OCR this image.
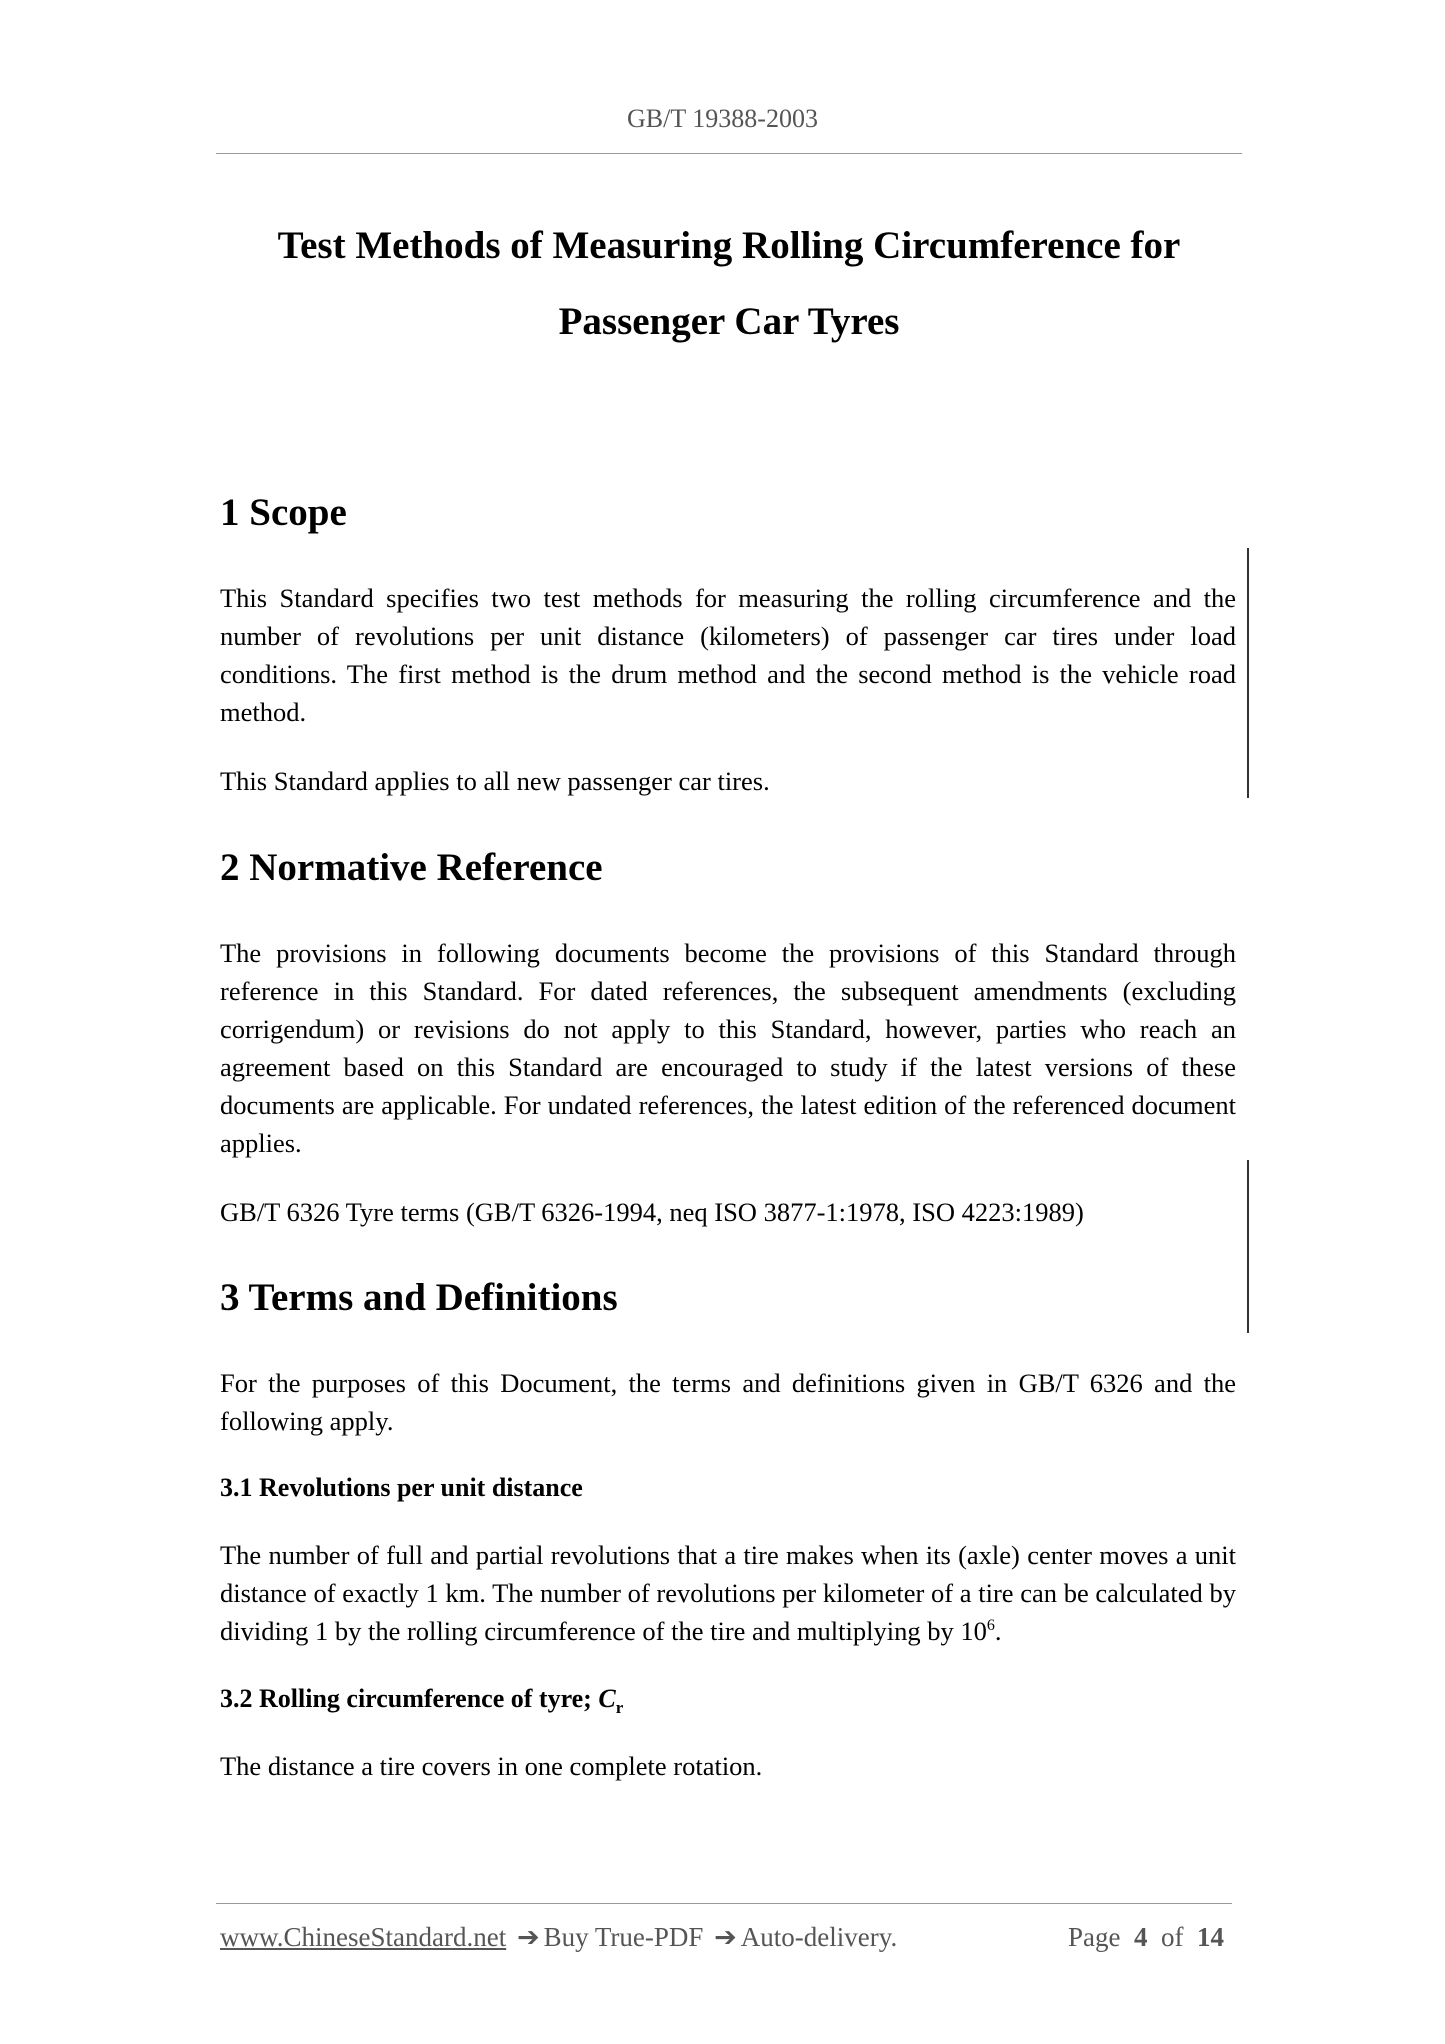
GB/T 19388-2003
Test Methods of Measuring Rolling Circumference for
Passenger Car Tyres
1 Scope

This Standard specifies two test methods for measuring the rolling circumference and the number of revolutions per unit distance (kilometers) of passenger car tires under load conditions. The first method is the drum method and the second method is the vehicle road method.

This Standard applies to all new passenger car tires.

2 Normative Reference

The provisions in following documents become the provisions of this Standard through reference in this Standard. For dated references, the subsequent amendments (excluding corrigendum) or revisions do not apply to this Standard, however, parties who reach an agreement based on this Standard are encouraged to study if the latest versions of these documents are applicable. For undated references, the latest edition of the referenced document applies.

GB/T 6326 Tyre terms (GB/T 6326-1994, neq ISO 3877-1:1978, ISO 4223:1989)

3 Terms and Definitions

For the purposes of this Document, the terms and definitions given in GB/T 6326 and the following apply.

3.1 Revolutions per unit distance

The number of full and partial revolutions that a tire makes when its (axle) center moves a unit distance of exactly 1 km. The number of revolutions per kilometer of a tire can be calculated by dividing 1 by the rolling circumference of the tire and multiplying by $10^6$.

3.2 Rolling circumference of tyre; $C_r$

The distance a tire covers in one complete rotation.

www.ChineseStandard.net ➔ Buy True-PDF ➔ Auto-delivery.	Page 4 of 14
